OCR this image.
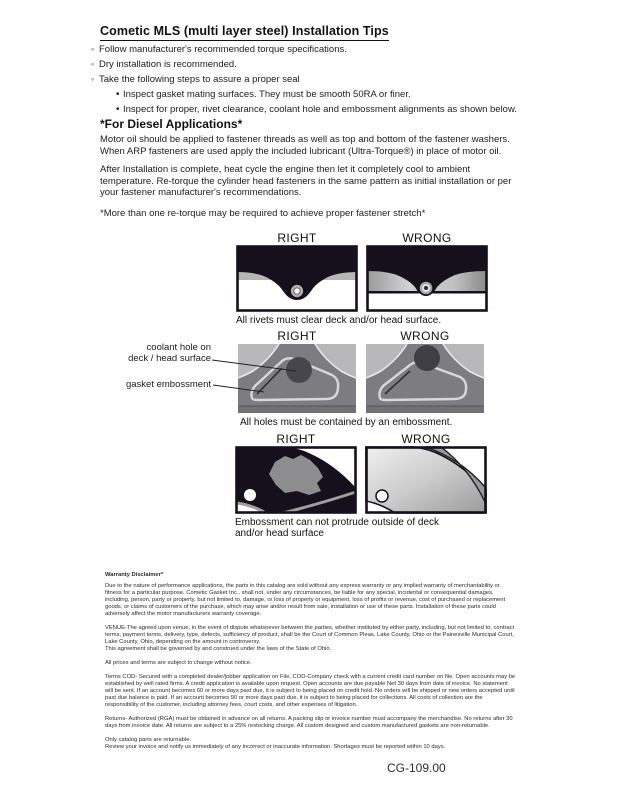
Cometic MLS (multi layer steel) Installation Tips
◦ Follow manufacturer's recommended torque specifications.
◦ Dry installation is recommended.
◦ Take the following steps to assure a proper seal
• Inspect gasket mating surfaces. They must be smooth 50RA or finer.
• Inspect for proper, rivet clearance, coolant hole and embossment alignments as shown below.
*For Diesel Applications*

Motor oil should be applied to fastener threads as well as top and bottom of the fastener washers. When ARP fasteners are used apply the included lubricant (Ultra-Torque®) in place of motor oil.

After Installation is complete, heat cycle the engine then let it completely cool to ambient temperature. Re-torque the cylinder head fasteners in the same pattern as initial installation or per your fastener manufacturer's recommendations.

*More than one re-torque may be required to achieve proper fastener stretch*

RIGHT	WRONG
All rivets must clear deck and/or head surface.
RIGHT	WRONG
All holes must be contained by an embossment.
coolant hole on
deck / head surface
gasket embossment
RIGHT	WRONG
Embossment can not protrude outside of deck
and/or head surface
Warranty Disclaimer*

Due to the nature of performance applications, the parts in this catalog are sold without any express warranty or any implied warranty of merchantability or fitness for a particular purpose. Cometic Gasket Inc., shall not, under any circumstances, be liable for any special, incidental or consequential damages, including, person, party or property, but not limited to, damage, or loss of property or equipment, loss of profits or revenue, cost of purchased or replacement goods, or claims of customers of the purchase, which may arise and/or result from sale, installation or use of these parts. Installation of these parts could adversely affect the motor manufacturers warranty coverage.

VENUE-The agreed upon venue, in the event of dispute whatsoever between the parties, whether instituted by either party, including, but not limited to, contract terms, payment terms, delivery, type, defects, sufficiency of product, shall be the Court of Common Pleas, Lake County, Ohio or the Painesville Municipal Court, Lake County, Ohio, depending on the amount in controversy.

This agreement shall be governed by and construed under the laws of the State of Ohio.

All prices and terms are subject to change without notice.

Terms COD- Secured with a completed dealer/jobber application on File, COD-Company check with a current credit card number on file. Open accounts may be established by well rated firms. A credit application is available upon request. Open accounts are due payable Net 30 days from date of invoice. No statement will be sent. If an account becomes 60 or more days past due, it is subject to being placed on credit hold. No orders will be shipped or new orders accepted until past due balance is paid. If an account becomes 90 or more days past due, it is subject to being placed for collections. All costs of collection are the responsibility of the customer, including attorney fees, court costs, and other expenses of litigation.

Returns- Authorized (RGA) must be obtained in advance on all returns. A packing slip or invoice number must accompany the merchandise. No returns after 30 days from invoice date. All returns are subject to a 25% restocking charge. All custom designed and custom manufactured gaskets are non-returnable.

Only catalog parts are returnable.

Review your invoice and notify us immediately of any incorrect or inaccurate information. Shortages must be reported within 10 days.

CG-109.00
